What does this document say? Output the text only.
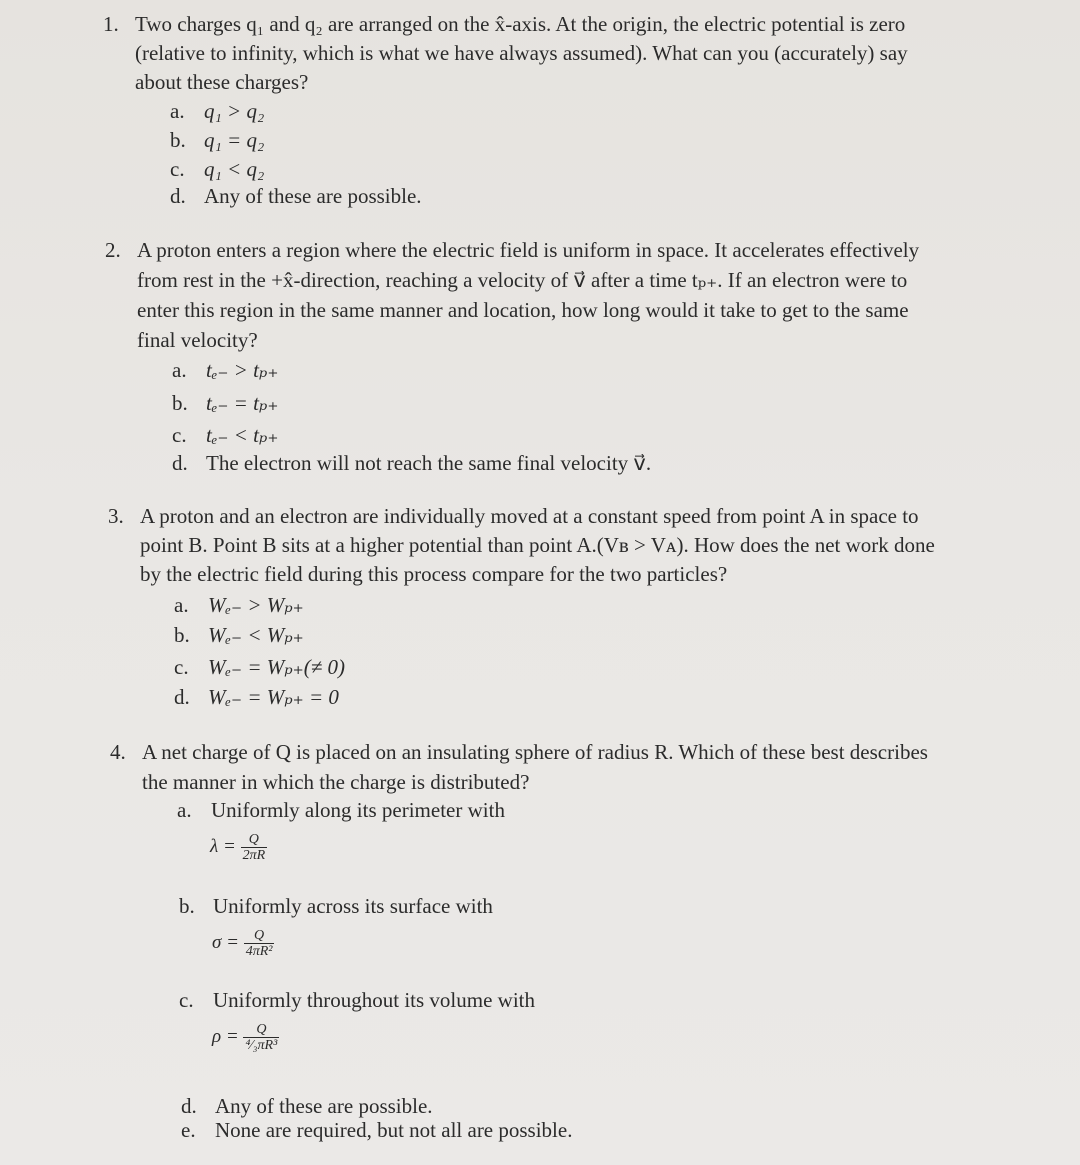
1. Two charges q₁ and q₂ are arranged on the x̂-axis. At the origin, the electric potential is zero
(relative to infinity, which is what we have always assumed). What can you (accurately) say
about these charges?
a. q₁ > q₂
b. q₁ = q₂
c. q₁ < q₂
d. Any of these are possible.
2. A proton enters a region where the electric field is uniform in space. It accelerates effectively
from rest in the +x̂-direction, reaching a velocity of v⃗ after a time tₚ₊. If an electron were to
enter this region in the same manner and location, how long would it take to get to the same
final velocity?
a. tₑ₋ > tₚ₊
b. tₑ₋ = tₚ₊
c. tₑ₋ < tₚ₊
d. The electron will not reach the same final velocity v⃗.
3. A proton and an electron are individually moved at a constant speed from point A in space to
point B. Point B sits at a higher potential than point A.(Vʙ > Vᴀ). How does the net work done
by the electric field during this process compare for the two particles?
a. Wₑ₋ > Wₚ₊
b. Wₑ₋ < Wₚ₊
c. Wₑ₋ = Wₚ₊(≠ 0)
d. Wₑ₋ = Wₚ₊ = 0
4. A net charge of Q is placed on an insulating sphere of radius R. Which of these best describes
the manner in which the charge is distributed?
a. Uniformly along its perimeter with
$\lambda = \frac{Q}{2\pi R}$
b. Uniformly across its surface with
$\sigma = \frac{Q}{\text{4πR²}}$
c. Uniformly throughout its volume with
$\rho = \frac{Q}{\text{⁴⁄₃πR³}}$
d. Any of these are possible.
e. None are required, but not all are possible.
